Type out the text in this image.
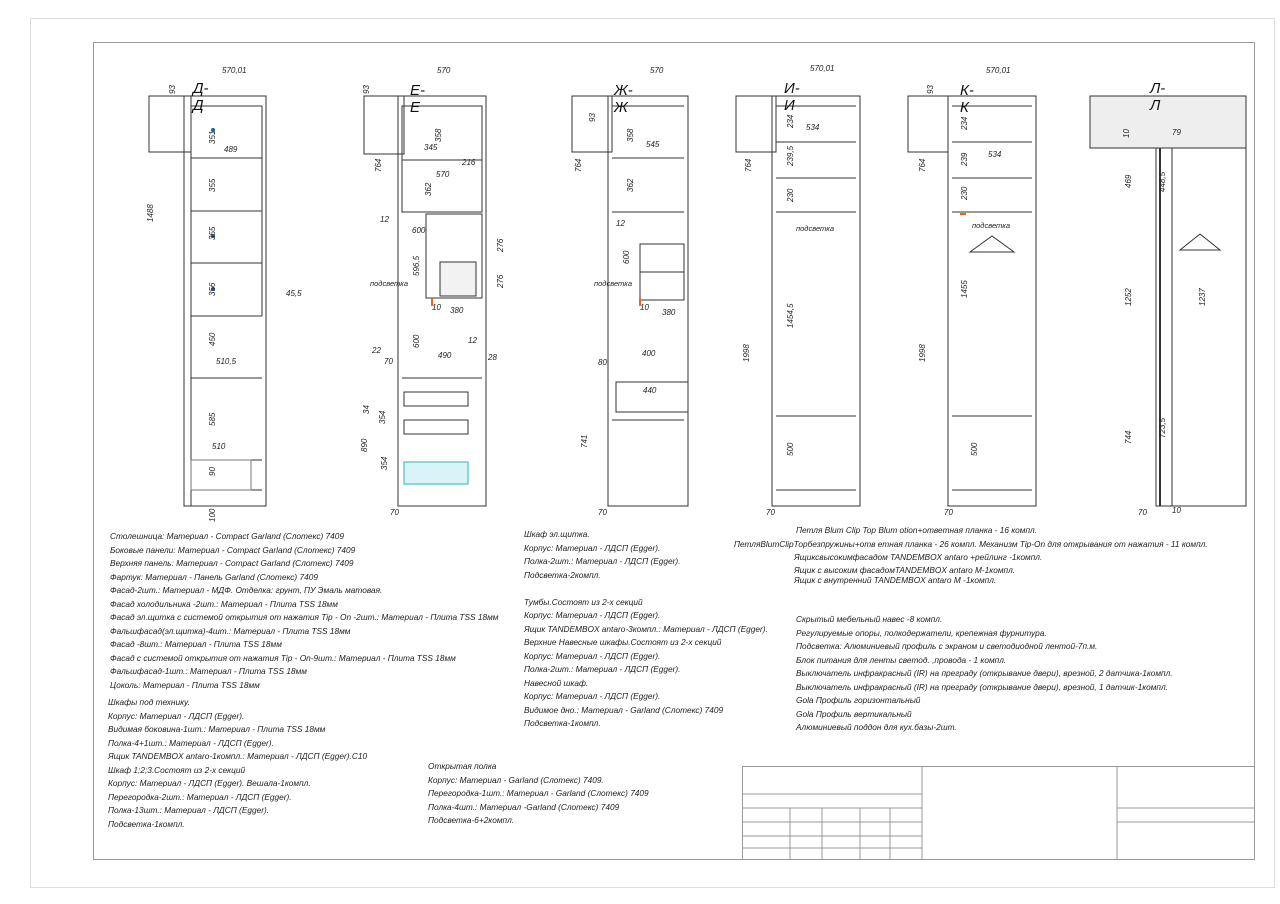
Д-Д
570,01
93
351
489
355
355
356
1488
45,5
450
510,5
585
510
90
100
Е-Е
570
93
764
358
345
216
570
362
12
600
276
596,5
276
10 380
22
600
490
12
70	28
34
354
890
354
70
подсветка
Ж-Ж
570
93
358
545
764
362
12
600
10
380
400
80
440
741
70
подсветка
И-И
570,01
234 534
764	239,5
230
1454,5
1998
500
70
подсветка
К-К
570,01
93
234
239 534
764
230
1455
1998
500
70
подсветка
Л-Л
10	79
469	448,5
1252	1237
744	723,5
70	10
Столешница: Материал - Compact Garland (Слотекс) 7409
Боковые панели: Материал - Compact Garland (Слотекс) 7409
Верхняя панель: Материал - Compact Garland (Слотекс) 7409
Фартук: Материал - Панель Garland (Слотекс) 7409
Фасад-2шт.: Материал - МДФ. Отделка: грунт, ПУ Эмаль матовая.
Фасад холодильника -2шт.: Материал - Плита TSS 18мм
Фасад эл.щитка с системой открытия от нажатия Tip - On -2шт.: Материал - Плита TSS 18мм
Фальшфасад(эл.щитка)-4шт.: Материал - Плита TSS 18мм
Фасад -8шт.: Материал - Плита TSS 18мм
Фасад с системой открытия от нажатия Tip - On-9шт.: Материал - Плита TSS 18мм
Фальшфасад-1шт.: Материал - Плита TSS 18мм
Цоколь: Материал - Плита TSS 18мм
Шкафы под технику.
Корпус: Материал - ЛДСП (Egger).
Видимая боковина-1шт.: Материал - Плита TSS 18мм
Полка-4+1шт.: Материал - ЛДСП (Egger).
Ящик TANDEMBOX antaro-1компл.: Материал - ЛДСП (Egger).С10
Шкаф 1;2;3.Состоят из 2-х секций
Корпус: Материал - ЛДСП (Egger). Вешала-1компл.
Перегородка-2шт.: Материал - ЛДСП (Egger).
Полка-13шт.: Материал - ЛДСП (Egger).
Подсветка-1компл.
Шкаф эл.щитка.
Корпус: Материал - ЛДСП (Egger).
Полка-2шт.: Материал - ЛДСП (Egger).
Подсветка-2компл.
Тумбы.Состоят из 2-х секций
Корпус: Материал - ЛДСП (Egger).
Ящик TANDEMBOX antaro-3компл.: Материал - ЛДСП (Egger).
Верхние Навесные шкафы.Состоят из 2-х секций
Корпус: Материал - ЛДСП (Egger).
Полка-2шт.: Материал - ЛДСП (Egger).
Навесной шкаф.
Корпус: Материал - ЛДСП (Egger).
Видимое дно.: Материал - Garland (Слотекс) 7409
Подсветка-1компл.
Открытая полка
Корпус: Материал - Garland (Слотекс) 7409.
Перегородка-1шт.: Материал - Garland (Слотекс) 7409
Полка-4шт.: Материал -Garland (Слотекс) 7409
Подсветка-6+2компл.
Петля Blum Clip Top Blum otion+ответная планка - 16 компл.
ПетляBlumClipТорбезпружины+отв етная планка - 26 компл. Механизм Tip-On для открывания от нажатия - 11 компл.
Ящиксвысокимфасадом TANDEMBOX antaro +рейлинг -1компл.
Ящик с высоким фасадомTANDEMBOX antaro М-1компл.
Ящик с внутренний TANDEMBOX antaro М -1компл.
Скрытый мебельный навес -8 компл.
Регулируемые опоры, полкодержатели, крепежная фурнитура.
Подсветка: Алюминиевый профиль с экраном и светодиодной лентой-7п.м.
Блок питания для ленты светод. ,провода - 1 компл.
Выключатель инфракрасный (IR) на преграду (открывание двери), врезной, 2 датчика-1компл.
Выключатель инфракрасный (IR) на преграду (открывание двери), врезной, 1 датчик-1компл.
Gola Профиль горизонтальный
Gola Профиль вертикальный
Алюминиевый поддон для кух.базы-2шт.
